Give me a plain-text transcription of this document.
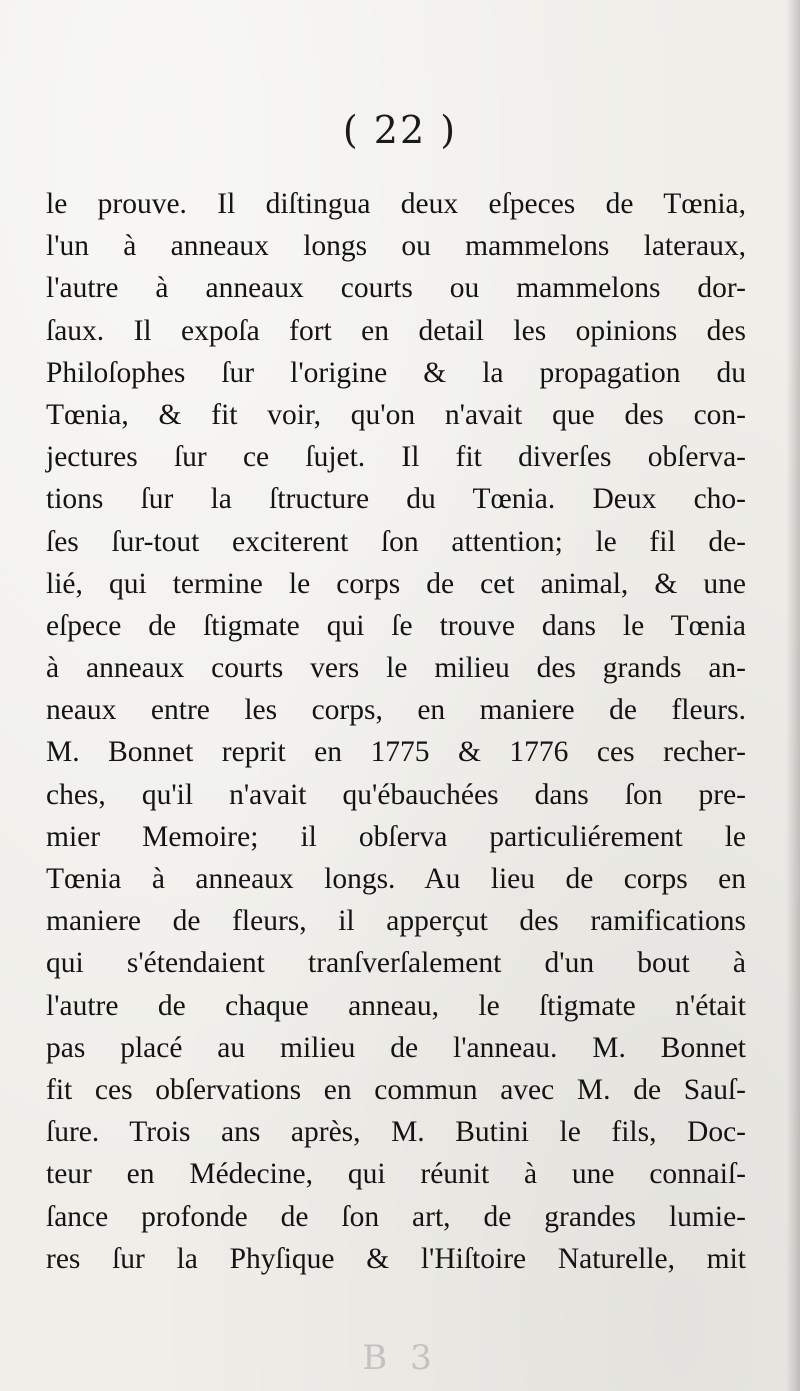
( 22 )
le prouve. Il diſtingua deux eſpeces de Tœnia,
l'un à anneaux longs ou mammelons lateraux,
l'autre à anneaux courts ou mammelons dor-
ſaux. Il expoſa fort en detail les opinions des
Philoſophes ſur l'origine & la propagation du
Tœnia, & fit voir, qu'on n'avait que des con-
jectures ſur ce ſujet. Il fit diverſes obſerva-
tions ſur la ſtructure du Tœnia. Deux cho-
ſes ſur-tout exciterent ſon attention; le fil de-
lié, qui termine le corps de cet animal, & une
eſpece de ſtigmate qui ſe trouve dans le Tœnia
à anneaux courts vers le milieu des grands an-
neaux entre les corps, en maniere de fleurs.
M. Bonnet reprit en 1775 & 1776 ces recher-
ches, qu'il n'avait qu'ébauchées dans ſon pre-
mier Memoire; il obſerva particuliérement le
Tœnia à anneaux longs. Au lieu de corps en
maniere de fleurs, il apperçut des ramifications
qui s'étendaient tranſverſalement d'un bout à
l'autre de chaque anneau, le ſtigmate n'était
pas placé au milieu de l'anneau. M. Bonnet
fit ces obſervations en commun avec M. de Sauſ-
ſure. Trois ans après, M. Butini le fils, Doc-
teur en Médecine, qui réunit à une connaiſ-
ſance profonde de ſon art, de grandes lumie-
res ſur la Phyſique & l'Hiſtoire Naturelle, mit
B 3
